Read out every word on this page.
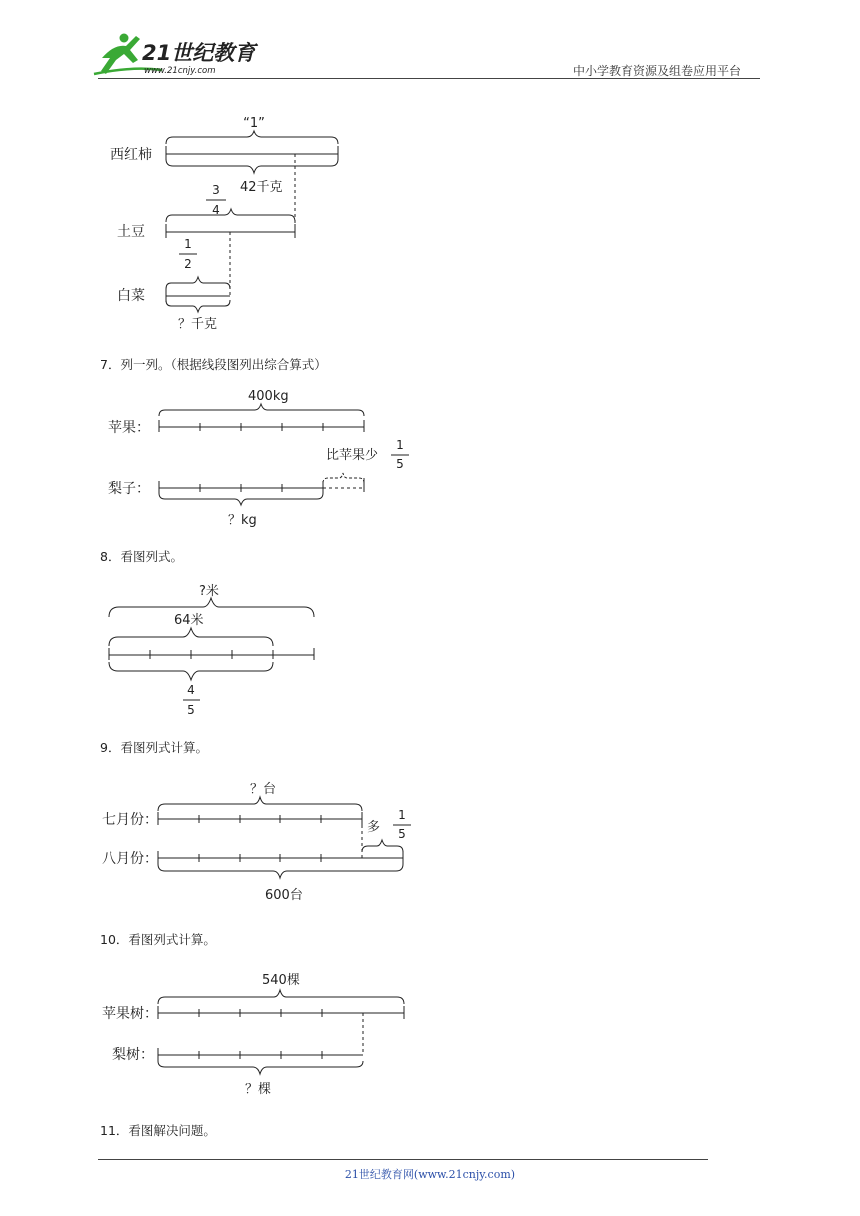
21世纪教育
www.21cnjy.com	中小学教育资源及组卷应用平台
“1”
西红柿
42千克
3
4
土豆
1
2
白菜
？千克
7．列一列。（根据线段图列出综合算式）
400kg
苹果：
比苹果少
1
5
梨子：
？kg
8．看图列式。
?米
64米
4
5
9．看图列式计算。
？台
七月份：	多
1
5
八月份：
600台
10．看图列式计算。
540棵
苹果树：
梨树：
？棵
11．看图解决问题。
21世纪教育网(www.21cnjy.com)
